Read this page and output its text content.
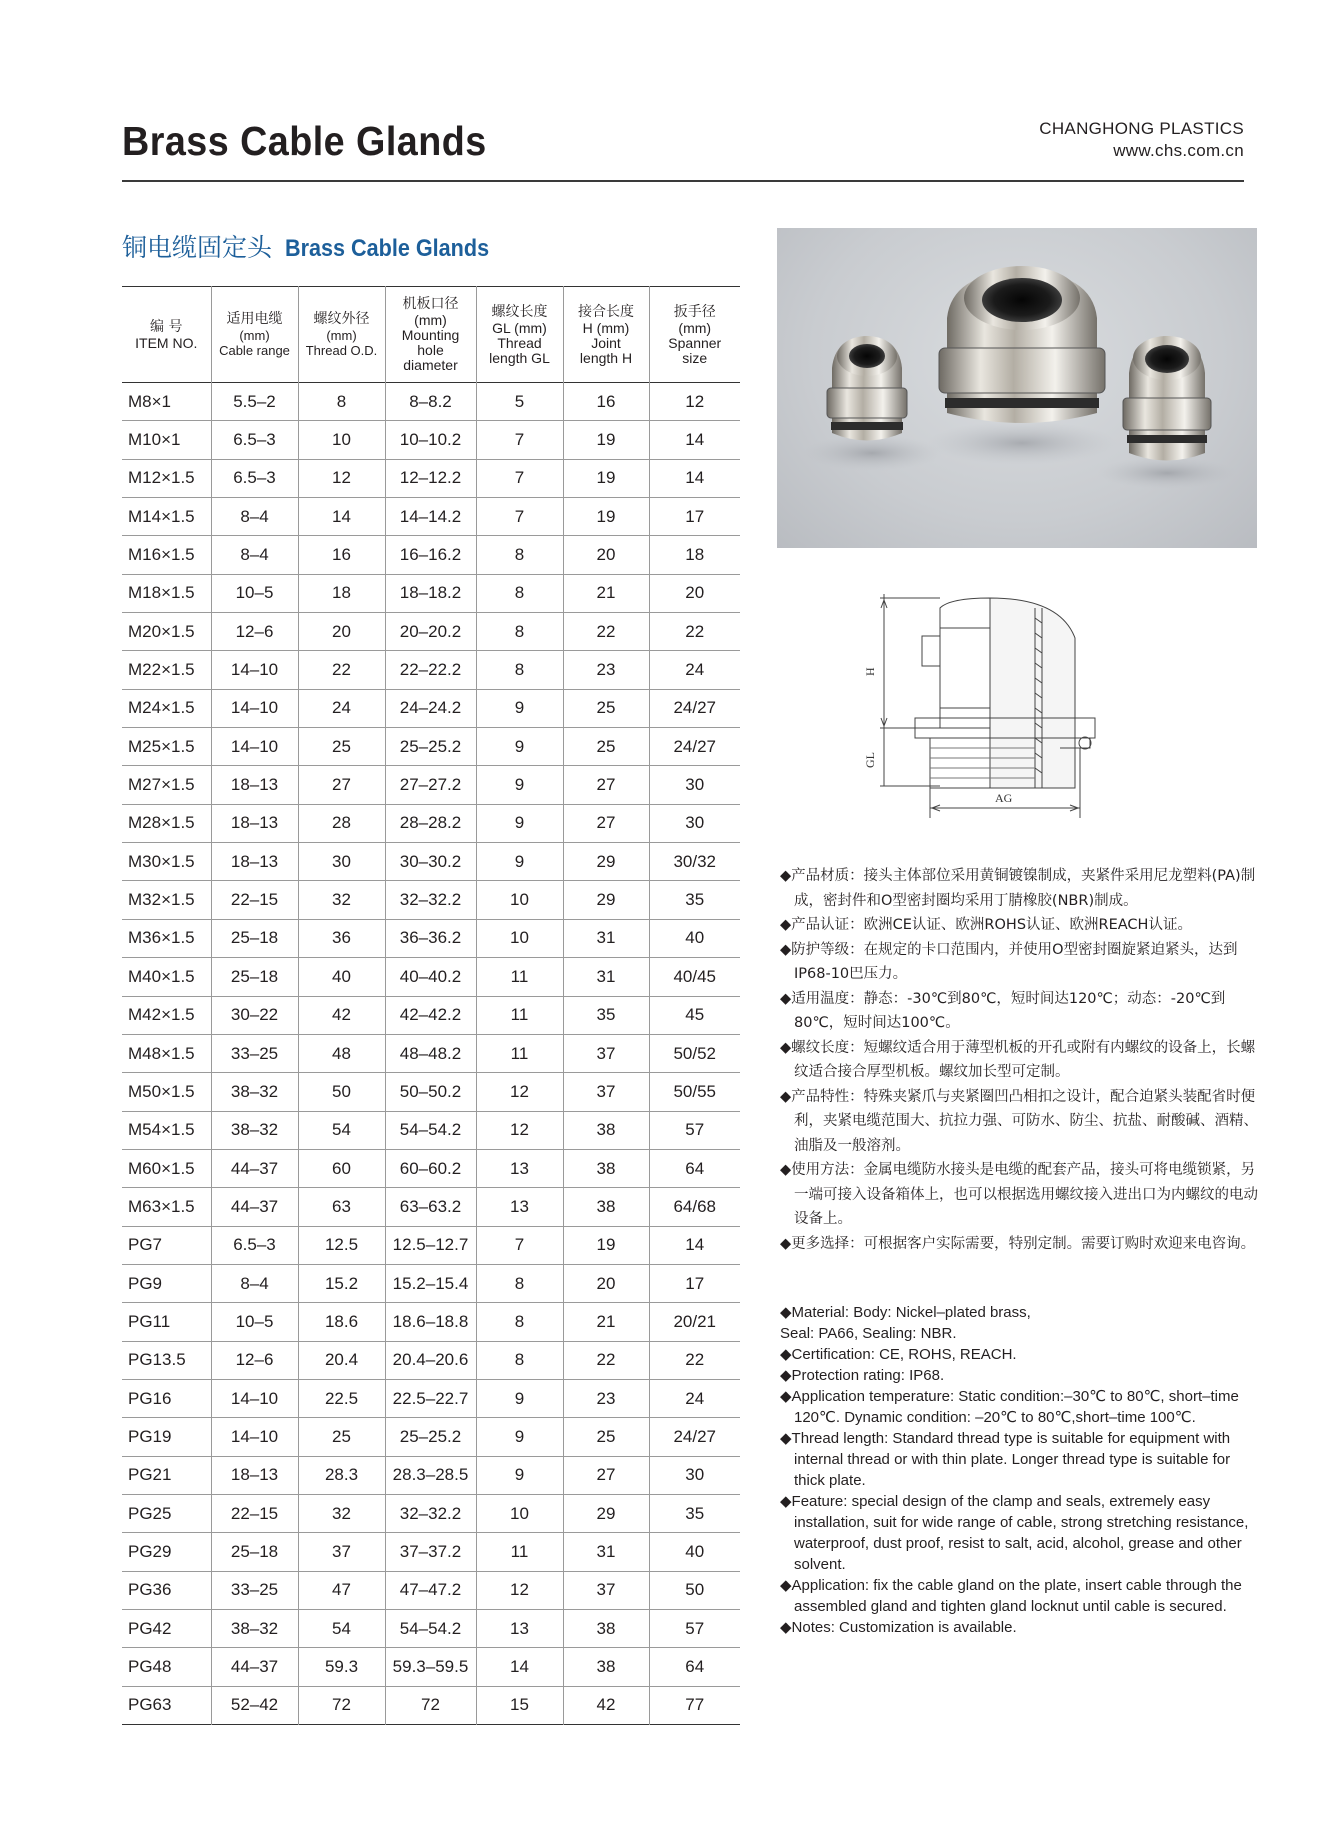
Brass Cable Glands	CHANGHONG PLASTICS
www.chs.com.cn
铜电缆固定头 Brass Cable Glands
编 号
ITEM NO.	适用电缆
(mm)
Cable range	螺纹外径
(mm)
Thread O.D.	机板口径
(mm)
Mounting
hole
diameter	螺纹长度
GL (mm)
Thread
length GL	接合长度
H (mm)
Joint
length H	扳手径
(mm)
Spanner
size
M8×1	5.5–2	8	8–8.2	5	16	12
M10×1	6.5–3	10	10–10.2	7	19	14
M12×1.5	6.5–3	12	12–12.2	7	19	14
M14×1.5	8–4	14	14–14.2	7	19	17
M16×1.5	8–4	16	16–16.2	8	20	18
M18×1.5	10–5	18	18–18.2	8	21	20
M20×1.5	12–6	20	20–20.2	8	22	22
M22×1.5	14–10	22	22–22.2	8	23	24
M24×1.5	14–10	24	24–24.2	9	25	24/27
M25×1.5	14–10	25	25–25.2	9	25	24/27
M27×1.5	18–13	27	27–27.2	9	27	30
M28×1.5	18–13	28	28–28.2	9	27	30
M30×1.5	18–13	30	30–30.2	9	29	30/32
M32×1.5	22–15	32	32–32.2	10	29	35
M36×1.5	25–18	36	36–36.2	10	31	40
M40×1.5	25–18	40	40–40.2	11	31	40/45
M42×1.5	30–22	42	42–42.2	11	35	45
M48×1.5	33–25	48	48–48.2	11	37	50/52
M50×1.5	38–32	50	50–50.2	12	37	50/55
M54×1.5	38–32	54	54–54.2	12	38	57
M60×1.5	44–37	60	60–60.2	13	38	64
M63×1.5	44–37	63	63–63.2	13	38	64/68
PG7	6.5–3	12.5	12.5–12.7	7	19	14
PG9	8–4	15.2	15.2–15.4	8	20	17
PG11	10–5	18.6	18.6–18.8	8	21	20/21
PG13.5	12–6	20.4	20.4–20.6	8	22	22
PG16	14–10	22.5	22.5–22.7	9	23	24
PG19	14–10	25	25–25.2	9	25	24/27
PG21	18–13	28.3	28.3–28.5	9	27	30
PG25	22–15	32	32–32.2	10	29	35
PG29	25–18	37	37–37.2	11	31	40
PG36	33–25	47	47–47.2	12	37	50
PG42	38–32	54	54–54.2	13	38	57
PG48	44–37	59.3	59.3–59.5	14	38	64
PG63	52–42	72	72	15	42	77
H
GL
AG
◆产品材质：接头主体部位采用黄铜镀镍制成，夹紧件采用尼龙塑料(PA)制成，密封件和O型密封圈均采用丁腈橡胶(NBR)制成。
◆产品认证：欧洲CE认证、欧洲ROHS认证、欧洲REACH认证。
◆防护等级：在规定的卡口范围内，并使用O型密封圈旋紧迫紧头，达到IP68-10巴压力。
◆适用温度：静态：-30℃到80℃，短时间达120℃；动态：-20℃到80℃，短时间达100℃。
◆螺纹长度：短螺纹适合用于薄型机板的开孔或附有内螺纹的设备上，长螺纹适合接合厚型机板。螺纹加长型可定制。
◆产品特性：特殊夹紧爪与夹紧圈凹凸相扣之设计，配合迫紧头装配省时便利，夹紧电缆范围大、抗拉力强、可防水、防尘、抗盐、耐酸碱、酒精、油脂及一般溶剂。
◆使用方法：金属电缆防水接头是电缆的配套产品，接头可将电缆锁紧，另一端可接入设备箱体上，也可以根据选用螺纹接入进出口为内螺纹的电动设备上。
◆更多选择：可根据客户实际需要，特别定制。需要订购时欢迎来电咨询。
◆Material: Body: Nickel–plated brass,
Seal: PA66, Sealing: NBR.
◆Certification: CE, ROHS, REACH.
◆Protection rating: IP68.
◆Application temperature: Static condition:–30℃ to 80℃, short–time 120℃. Dynamic condition: –20℃ to 80℃,short–time 100℃.
◆Thread length: Standard thread type is suitable for equipment with internal thread or with thin plate. Longer thread type is suitable for thick plate.
◆Feature: special design of the clamp and seals, extremely easy installation, suit for wide range of cable, strong stretching resistance, waterproof, dust proof, resist to salt, acid, alcohol, grease and other solvent.
◆Application: fix the cable gland on the plate, insert cable through the assembled gland and tighten gland locknut until cable is secured.
◆Notes: Customization is available.
